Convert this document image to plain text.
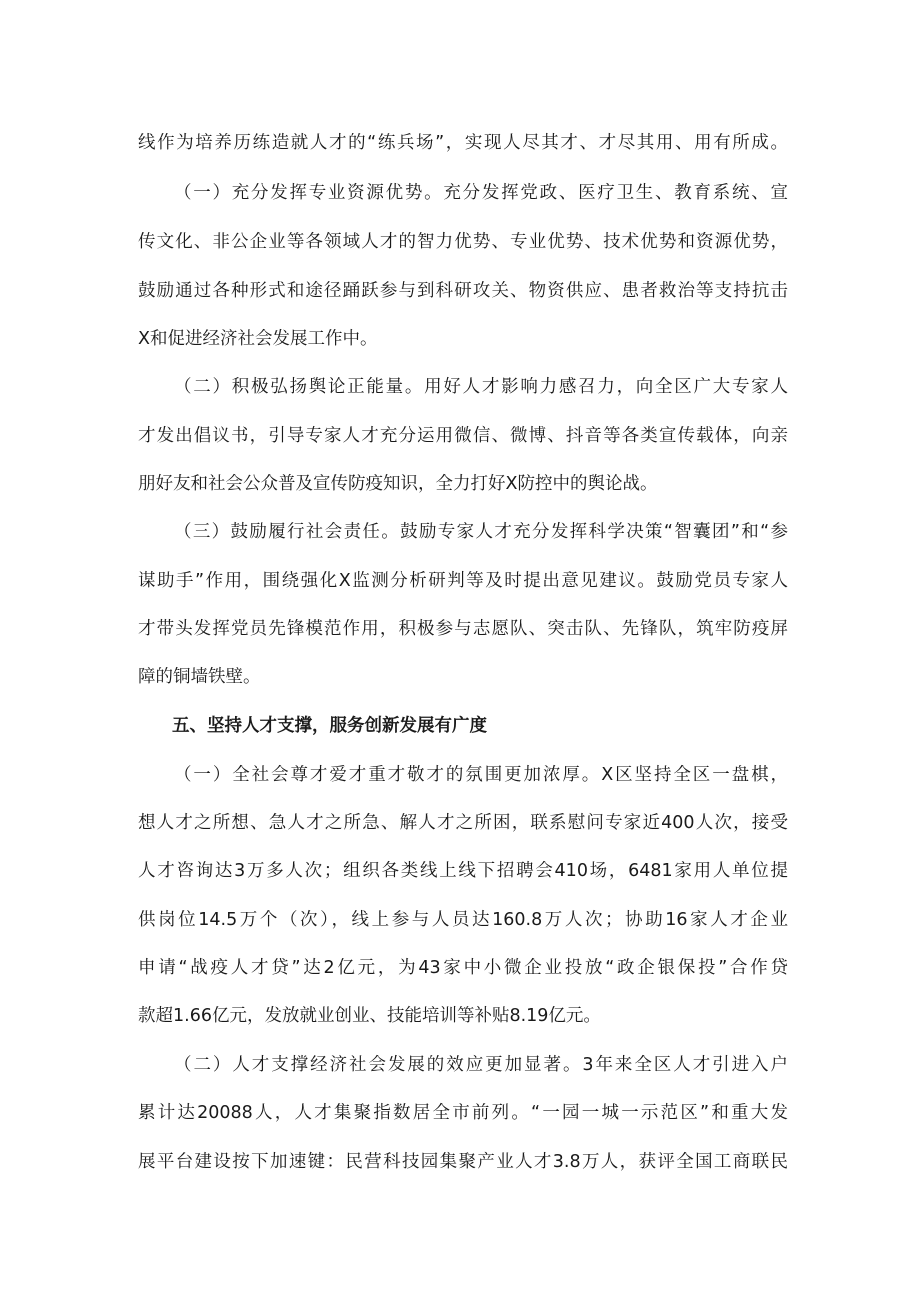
线作为培养历练造就人才的“练兵场”，实现人尽其才、才尽其用、用有所成。
（一）充分发挥专业资源优势。充分发挥党政、医疗卫生、教育系统、宣
传文化、非公企业等各领域人才的智力优势、专业优势、技术优势和资源优势，
鼓励通过各种形式和途径踊跃参与到科研攻关、物资供应、患者救治等支持抗击
X和促进经济社会发展工作中。
（二）积极弘扬舆论正能量。用好人才影响力感召力，向全区广大专家人
才发出倡议书，引导专家人才充分运用微信、微博、抖音等各类宣传载体，向亲
朋好友和社会公众普及宣传防疫知识，全力打好X防控中的舆论战。
（三）鼓励履行社会责任。鼓励专家人才充分发挥科学决策“智囊团”和“参
谋助手”作用，围绕强化X监测分析研判等及时提出意见建议。鼓励党员专家人
才带头发挥党员先锋模范作用，积极参与志愿队、突击队、先锋队，筑牢防疫屏
障的铜墙铁壁。
五、坚持人才支撑，服务创新发展有广度
（一）全社会尊才爱才重才敬才的氛围更加浓厚。X区坚持全区一盘棋，
想人才之所想、急人才之所急、解人才之所困，联系慰问专家近400人次，接受
人才咨询达3万多人次；组织各类线上线下招聘会410场，6481家用人单位提
供岗位14.5万个（次），线上参与人员达160.8万人次；协助16家人才企业
申请“战疫人才贷”达2亿元，为43家中小微企业投放“政企银保投”合作贷
款超1.66亿元，发放就业创业、技能培训等补贴8.19亿元。
（二）人才支撑经济社会发展的效应更加显著。3年来全区人才引进入户
累计达20088人，人才集聚指数居全市前列。“一园一城一示范区”和重大发
展平台建设按下加速键：民营科技园集聚产业人才3.8万人，获评全国工商联民
